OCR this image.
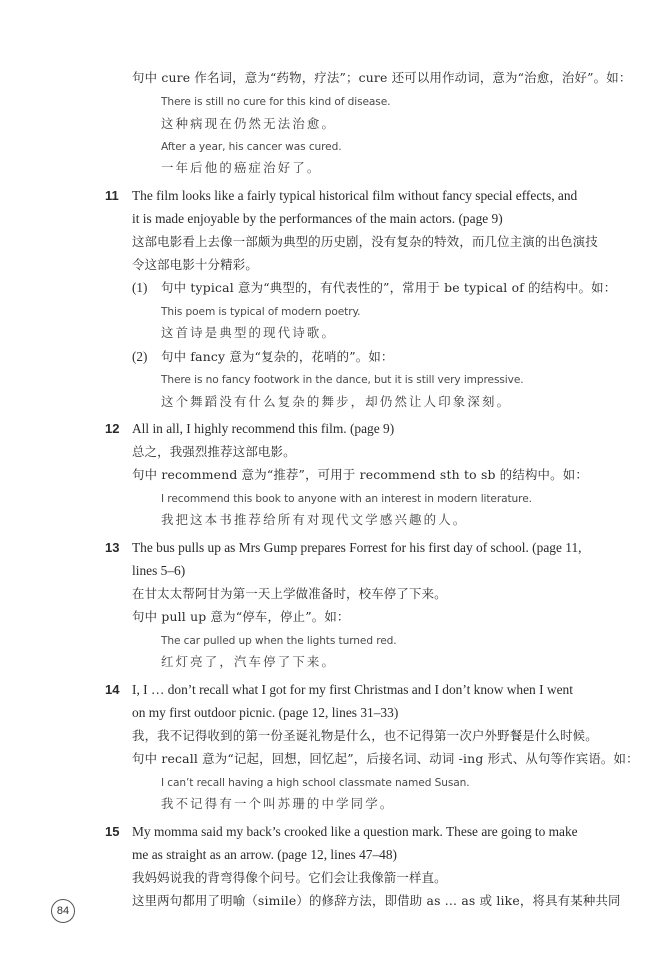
句中 cure 作名词，意为“药物，疗法”；cure 还可以用作动词，意为“治愈，治好”。如：
There is still no cure for this kind of disease.
这种病现在仍然无法治愈。
After a year, his cancer was cured.
一年后他的癌症治好了。
11 The film looks like a fairly typical historical film without fancy special effects, and
it is made enjoyable by the performances of the main actors. (page 9)
这部电影看上去像一部颇为典型的历史剧，没有复杂的特效，而几位主演的出色演技
令这部电影十分精彩。
(1) 句中 typical 意为“典型的，有代表性的”，常用于 be typical of 的结构中。如：
This poem is typical of modern poetry.
这首诗是典型的现代诗歌。
(2) 句中 fancy 意为“复杂的，花哨的”。如：
There is no fancy footwork in the dance, but it is still very impressive.
这个舞蹈没有什么复杂的舞步，却仍然让人印象深刻。
12 All in all, I highly recommend this film. (page 9)
总之，我强烈推荐这部电影。
句中 recommend 意为“推荐”，可用于 recommend sth to sb 的结构中。如：
I recommend this book to anyone with an interest in modern literature.
我把这本书推荐给所有对现代文学感兴趣的人。
13 The bus pulls up as Mrs Gump prepares Forrest for his first day of school. (page 11,
lines 5–6)
在甘太太帮阿甘为第一天上学做准备时，校车停了下来。
句中 pull up 意为“停车，停止”。如：
The car pulled up when the lights turned red.
红灯亮了，汽车停了下来。
14 I, I … don’t recall what I got for my first Christmas and I don’t know when I went
on my first outdoor picnic. (page 12, lines 31–33)
我，我不记得收到的第一份圣诞礼物是什么，也不记得第一次户外野餐是什么时候。
句中 recall 意为“记起，回想，回忆起”，后接名词、动词 -ing 形式、从句等作宾语。如：
I can’t recall having a high school classmate named Susan.
我不记得有一个叫苏珊的中学同学。
15 My momma said my back’s crooked like a question mark. These are going to make
me as straight as an arrow. (page 12, lines 47–48)
我妈妈说我的背弯得像个问号。它们会让我像箭一样直。
这里两句都用了明喻（simile）的修辞方法，即借助 as ... as 或 like，将具有某种共同
84
